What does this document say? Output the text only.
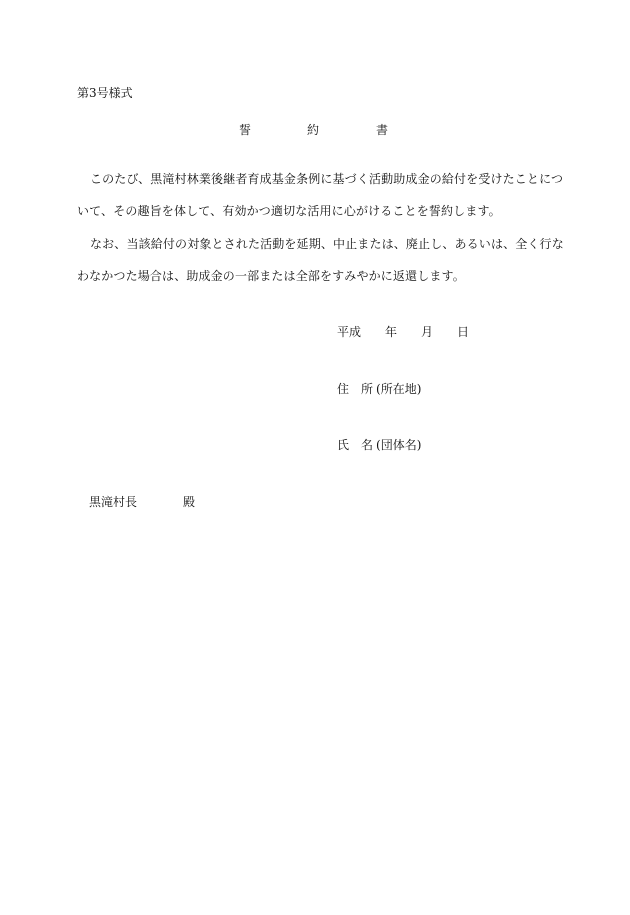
第3号様式
誓	約	書
このたび、黒滝村林業後継者育成基金条例に基づく活動助成金の給付を受けたことにつ
いて、その趣旨を体して、有効かつ適切な活用に心がけることを誓約します。
なお、当該給付の対象とされた活動を延期、中止または、廃止し、あるいは、全く行な
わなかつた場合は、助成金の一部または全部をすみやかに返還します。
平成 年 月 日
住　所 (所在地)
氏　名 (団体名)
黒滝村長	殿
